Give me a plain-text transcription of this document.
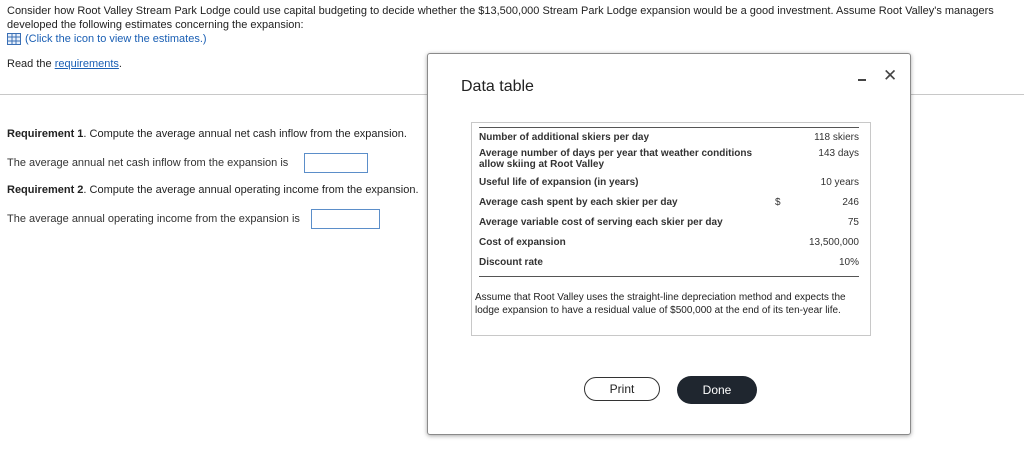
Consider how Root Valley Stream Park Lodge could use capital budgeting to decide whether the $13,500,000 Stream Park Lodge expansion would be a good investment. Assume Root Valley's managers developed the following estimates concerning the expansion:
(Click the icon to view the estimates.)
Read the requirements.
Requirement 1. Compute the average annual net cash inflow from the expansion.
The average annual net cash inflow from the expansion is
Requirement 2. Compute the average annual operating income from the expansion.
The average annual operating income from the expansion is
Data table
✕
Number of additional skiers per day		118 skiers
Average number of days per year that weather conditions allow skiing at Root Valley		143 days
Useful life of expansion (in years)		10 years
Average cash spent by each skier per day	$	246
Average variable cost of serving each skier per day		75
Cost of expansion		13,500,000
Discount rate		10%
Assume that Root Valley uses the straight-line depreciation method and expects the lodge expansion to have a residual value of $500,000 at the end of its ten-year life.
Print	Done
